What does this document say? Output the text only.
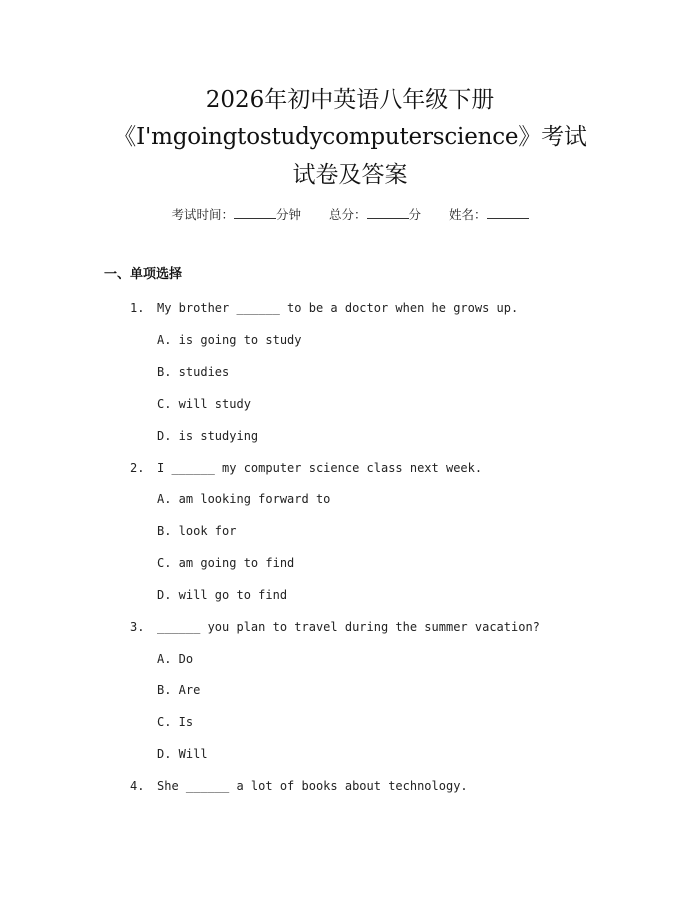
2026年初中英语八年级下册
《I'mgoingtostudycomputerscience》考试
试卷及答案
考试时间：	分钟 总分：	分 姓名：
一、单项选择
1. My brother ______ to be a doctor when he grows up.
A. is going to study
B. studies
C. will study
D. is studying
2. I ______ my computer science class next week.
A. am looking forward to
B. look for
C. am going to find
D. will go to find
3. ______ you plan to travel during the summer vacation?
A. Do
B. Are
C. Is
D. Will
4. She ______ a lot of books about technology.
